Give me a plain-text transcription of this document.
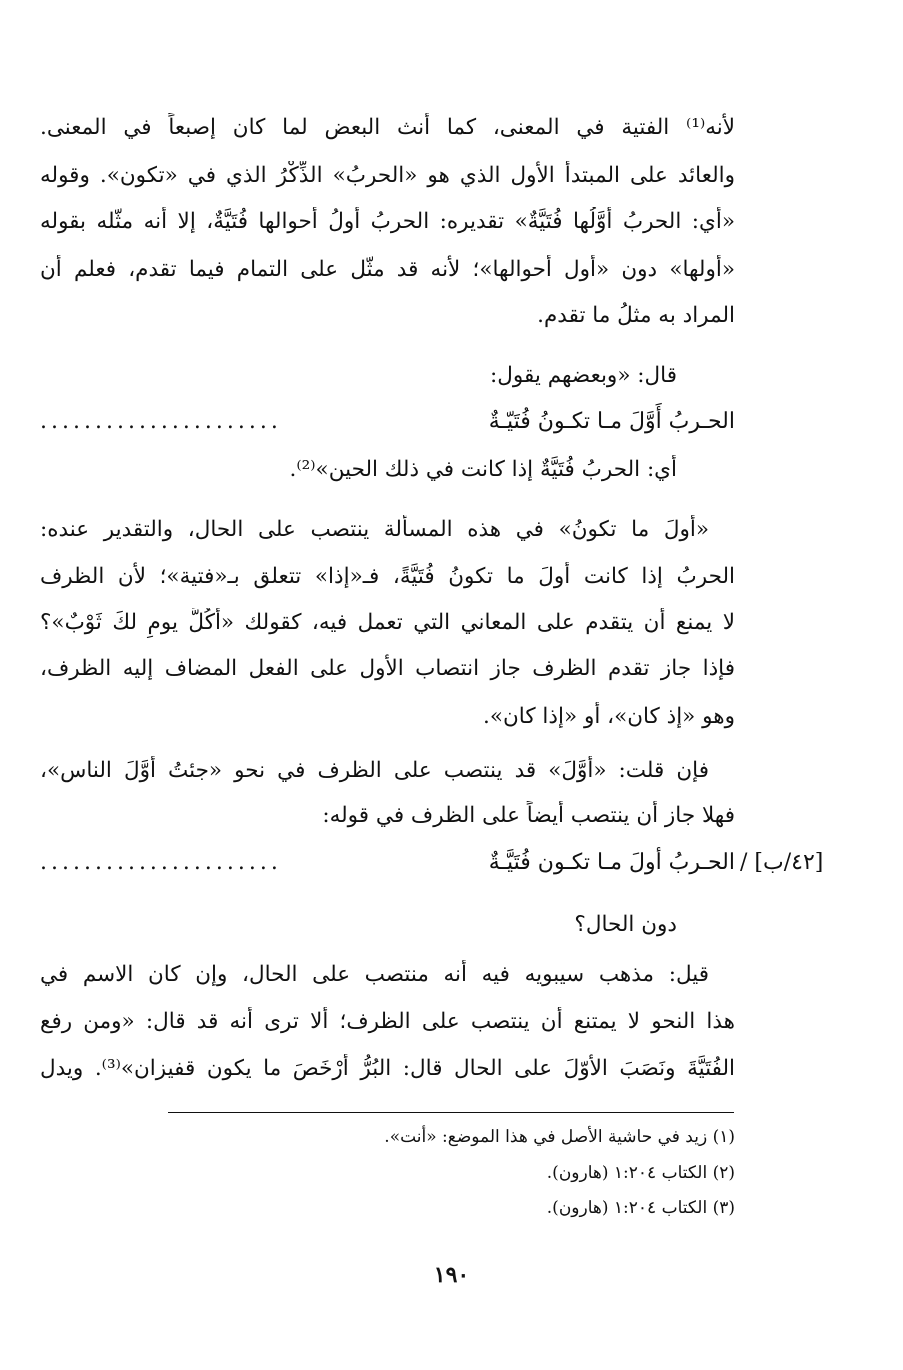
لأنه⁽¹⁾ الفتية في المعنى، كما أنث البعض لما كان إصبعاً في المعنى.
والعائد على المبتدأ الأول الذي هو «الحربُ» الذِّكْرُ الذي في «تكون». وقوله
«أي: الحربُ أَوَّلُها فُتَيَّةٌ» تقديره: الحربُ أولُ أحوالها فُتَيَّةٌ، إلا أنه مثّله بقوله
«أولها» دون «أول أحوالها»؛ لأنه قد مثّل على التمام فيما تقدم، فعلم أن
المراد به مثلُ ما تقدم.
قال: «وبعضهم يقول:
الحـربُ أَوَّلَ مـا تكـونُ فُتَيّـةٌ
......................
أي: الحربُ فُتَيَّةٌ إذا كانت في ذلك الحين»⁽²⁾.
«أولَ ما تكونُ» في هذه المسألة ينتصب على الحال، والتقدير عنده:
الحربُ إذا كانت أولَ ما تكونُ فُتَيَّةً، فـ«إذا» تتعلق بـ«فتية»؛ لأن الظرف
لا يمنع أن يتقدم على المعاني التي تعمل فيه، كقولك «أَكُلَّ يومٍ لكَ ثَوْبٌ»؟
فإذا جاز تقدم الظرف جاز انتصاب الأول على الفعل المضاف إليه الظرف،
وهو «إذ كان»، أو «إذا كان».
فإن قلت: «أَوَّلَ» قد ينتصب على الظرف في نحو «جئتُ أَوَّلَ الناس»،
فهلا جاز أن ينتصب أيضاً على الظرف في قوله:
[٤٢/ب] /
الحـربُ أولَ مـا تكـون فُتَيَّـةٌ
......................
دون الحال؟
قيل: مذهب سيبويه فيه أنه منتصب على الحال، وإن كان الاسم في
هذا النحو لا يمتنع أن ينتصب على الظرف؛ ألا ترى أنه قد قال: «ومن رفع
الفُتَيَّةَ ونَصَبَ الأوّلَ على الحال قال: البُرُّ أَرْخَصَ ما يكون قفيزان»⁽³⁾. ويدل
(١) زيد في حاشية الأصل في هذا الموضع: «أنت».
(٢) الكتاب ١:٢٠٤ (هارون).
(٣) الكتاب ١:٢٠٤ (هارون).
١٩٠
